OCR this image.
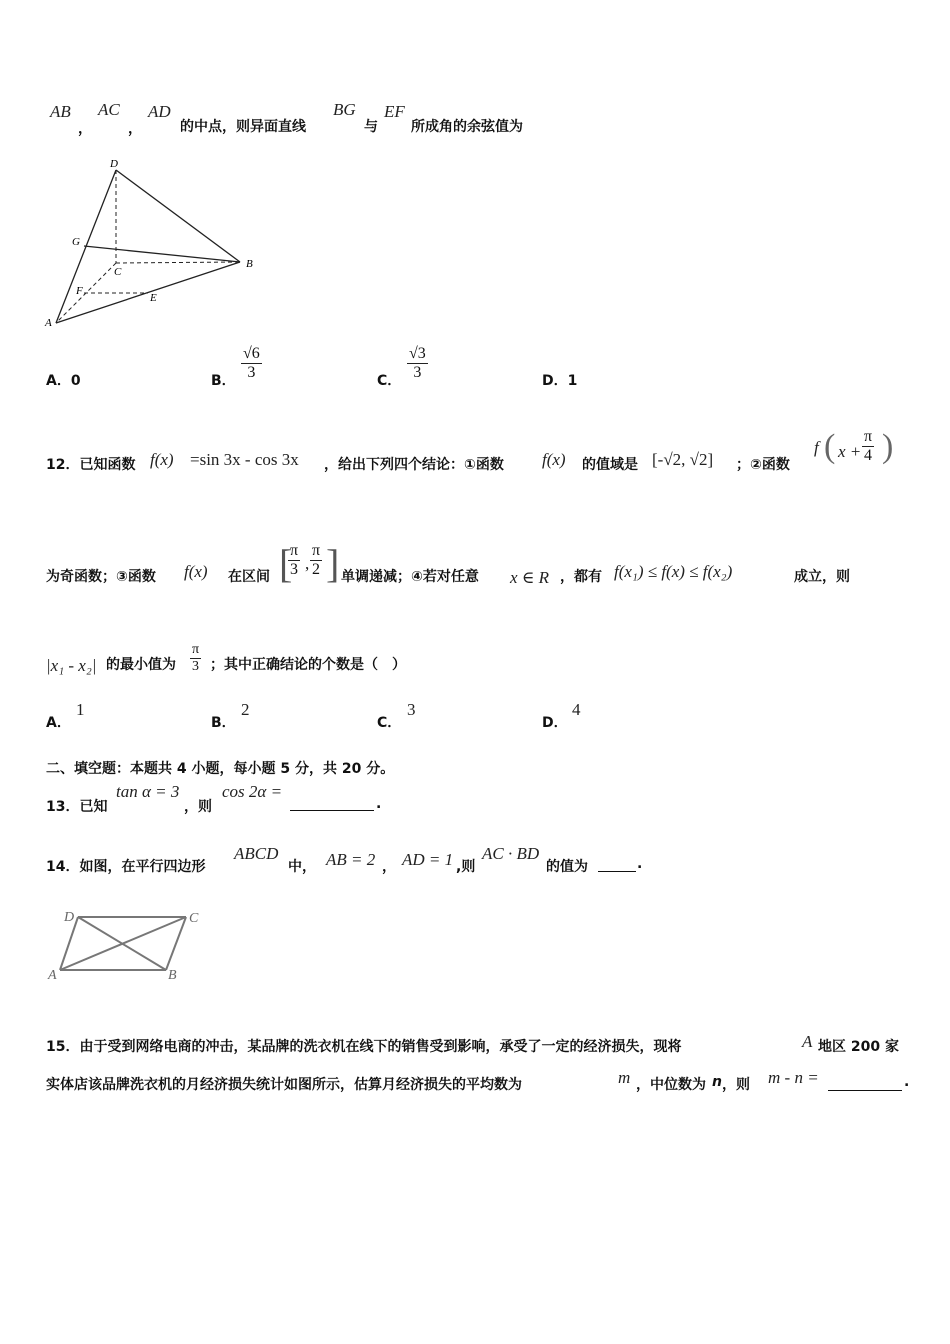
AB
，
AC
，
AD
的中点，则异面直线
BG
与
EF
所成角的余弦值为
D
G
C
B
F
E
A
A．0	B． $\frac{√6}{3}$	C． $\frac{√3}{3}$	D．1
12．已知函数 f(x) =sin 3x - cos 3x ，给出下列四个结论：①函数 f(x) 的值域是 [-√2, √2] ；②函数
f ( $x + \frac{\pi}{4}$ )
为奇函数；③函数 f(x) 在区间 [
$\frac{\pi}{3}$ , $\frac{\pi}{2}$ ] 单调递减；④若对任意 x ∈ R ，都有 f(x₁) ≤ f(x) ≤ f(x₂)	成立，则
|x₁ - x₂| 的最小值为 $\frac{\pi}{3}$ ；其中正确结论的个数是（　）
A．
1
B．
2
C．
3
D．
4
二、填空题：本题共 4 小题，每小题 5 分，共 20 分。
13．已知
tan α = 3
，则
cos 2α =
.
14．如图，在平行四边形
ABCD
中， AB = 2 ， AD = 1 ,则
AC · BD
的值为	.
D	C
A	B
15．由于受到网络电商的冲击，某品牌的洗衣机在线下的销售受到影响，承受了一定的经济损失，现将	A 地区 200 家
实体店该品牌洗衣机的月经济损失统计如图所示，估算月经济损失的平均数为	m ，中位数为 n ，则 m - n =	.
